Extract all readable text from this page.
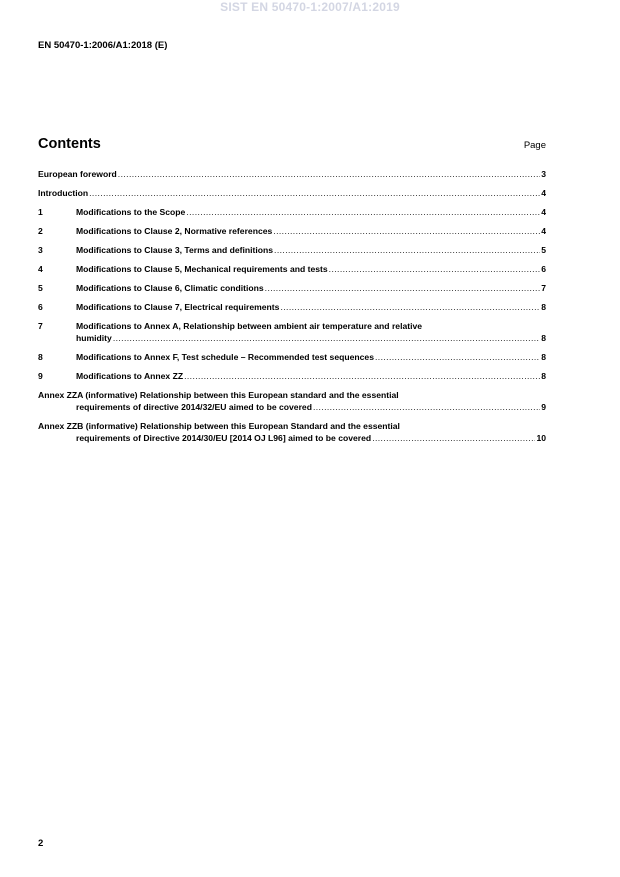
SIST EN 50470-1:2007/A1:2019
EN 50470-1:2006/A1:2018 (E)
Contents	Page
European foreword .....	3
Introduction .....	4
1	Modifications to the Scope .....	4
2	Modifications to Clause 2, Normative references .....	4
3	Modifications to Clause 3, Terms and definitions .....	5
4	Modifications to Clause 5, Mechanical requirements and tests .....	6
5	Modifications to Clause 6, Climatic conditions .....	7
6	Modifications to Clause 7, Electrical requirements .....	8
7	Modifications to Annex A, Relationship between ambient air temperature and relative
humidity .....	8
8	Modifications to Annex F, Test schedule – Recommended test sequences .....	8
9	Modifications to Annex ZZ .....	8
Annex ZZA (informative) Relationship between this European standard and the essential
requirements of directive 2014/32/EU aimed to be covered .....	9
Annex ZZB (informative) Relationship between this European Standard and the essential
requirements of Directive 2014/30/EU [2014 OJ L96] aimed to be covered .....	10
2
